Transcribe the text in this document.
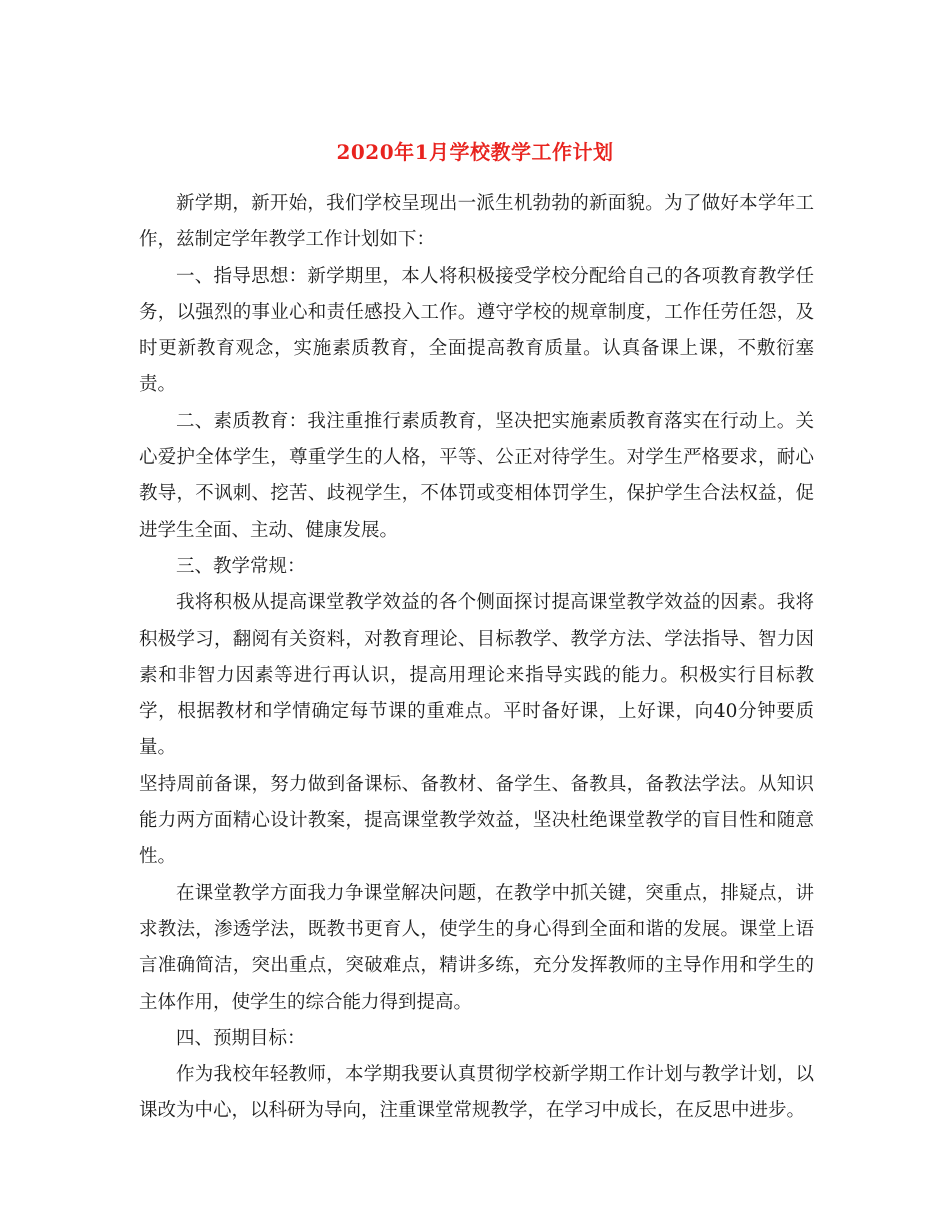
2020年1月学校教学工作计划

新学期，新开始，我们学校呈现出一派生机勃勃的新面貌。为了做好本学年工作，兹制定学年教学工作计划如下：

一、指导思想：新学期里，本人将积极接受学校分配给自己的各项教育教学任务，以强烈的事业心和责任感投入工作。遵守学校的规章制度，工作任劳任怨，及时更新教育观念，实施素质教育，全面提高教育质量。认真备课上课，不敷衍塞责。

二、素质教育：我注重推行素质教育，坚决把实施素质教育落实在行动上。关心爱护全体学生，尊重学生的人格，平等、公正对待学生。对学生严格要求，耐心教导，不讽刺、挖苦、歧视学生，不体罚或变相体罚学生，保护学生合法权益，促进学生全面、主动、健康发展。

三、教学常规：

我将积极从提高课堂教学效益的各个侧面探讨提高课堂教学效益的因素。我将积极学习，翻阅有关资料，对教育理论、目标教学、教学方法、学法指导、智力因素和非智力因素等进行再认识，提高用理论来指导实践的能力。积极实行目标教学，根据教材和学情确定每节课的重难点。平时备好课，上好课，向40分钟要质量。

坚持周前备课，努力做到备课标、备教材、备学生、备教具，备教法学法。从知识能力两方面精心设计教案，提高课堂教学效益，坚决杜绝课堂教学的盲目性和随意性。

在课堂教学方面我力争课堂解决问题，在教学中抓关键，突重点，排疑点，讲求教法，渗透学法，既教书更育人，使学生的身心得到全面和谐的发展。课堂上语言准确简洁，突出重点，突破难点，精讲多练，充分发挥教师的主导作用和学生的主体作用，使学生的综合能力得到提高。

四、预期目标：

作为我校年轻教师，本学期我要认真贯彻学校新学期工作计划与教学计划，以课改为中心，以科研为导向，注重课堂常规教学，在学习中成长，在反思中进步。
